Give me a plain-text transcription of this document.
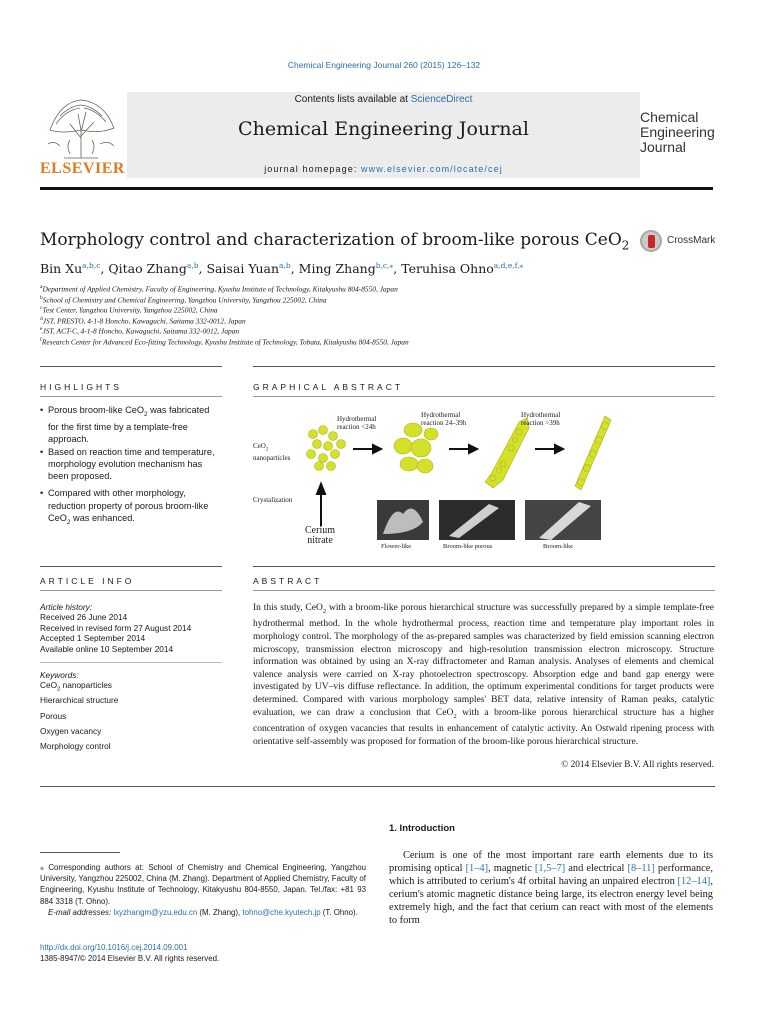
Chemical Engineering Journal 260 (2015) 126–132
ELSEVIER
Contents lists available at ScienceDirect
Chemical Engineering Journal
journal homepage: www.elsevier.com/locate/cej
Chemical
Engineering
Journal
Morphology control and characterization of broom-like porous CeO$_2$	CrossMark
Bin Xu$^{a,b,c}$, Qitao Zhang$^{a,b}$, Saisai Yuan$^{a,b}$, Ming Zhang$^{b,c,⁎}$, Teruhisa Ohno$^{a,d,e,f,⁎}$
$^a$Department of Applied Chemistry, Faculty of Engineering, Kyushu Institute of Technology, Kitakyushu 804-8550, Japan
$^b$School of Chemistry and Chemical Engineering, Yangzhou University, Yangzhou 225002, China
$^c$Test Center, Yangzhou University, Yangzhou 225002, China
$^d$JST, PRESTO, 4-1-8 Honcho, Kawaguchi, Saitama 332-0012, Japan
$^e$JST, ACT-C, 4-1-8 Honcho, Kawaguchi, Saitama 332-0012, Japan
$^f$Research Center for Advanced Eco-fitting Technology, Kyushu Institute of Technology, Tobata, Kitakyushu 804-8550, Japan
HIGHLIGHTS	GRAPHICAL ABSTRACT
• Porous broom-like CeO$_2$ was fabricated for the first time by a template-free approach.
• Based on reaction time and temperature, morphology evolution mechanism has been proposed.
• Compared with other morphology, reduction property of porous broom-like CeO$_2$ was enhanced.
CeO$_2$
nanoparticles
Hydrothermal
reaction <24h
Hydrothermal
reaction 24–39h
Hydrothermal
reaction >39h
Crystalization
Cerium
nitrate
Flower-like	Broom-like porous	Broom-like
ARTICLE INFO	ABSTRACT
Article history:
Received 26 June 2014
Received in revised form 27 August 2014
Accepted 1 September 2014
Available online 10 September 2014
Keywords:
CeO$_2$ nanoparticles
Hierarchical structure
Porous
Oxygen vacancy
Morphology control
In this study, CeO$_2$ with a broom-like porous hierarchical structure was successfully prepared by a simple template-free hydrothermal method. In the whole hydrothermal process, reaction time and temperature play important roles in morphology control. The morphology of the as-prepared samples was characterized by field emission scanning electron microscopy, transmission electron microscopy and high-resolution transmission electron microscopy. Structure information was obtained by using an X-ray diffractometer and Raman analysis. Analyses of elements and chemical valence analysis were carried on X-ray photoelectron spectroscopy. Absorption edge and band gap energy were investigated by UV–vis diffuse reflectance. In addition, the optimum experimental conditions for target products were determined. Compared with various morphology samples' BET data, relative intensity of Raman peaks, catalytic evaluation, we can draw a conclusion that CeO$_2$ with a broom-like porous hierarchical structure has a higher concentration of oxygen vacancies that results in enhancement of catalytic activity. An Ostwald ripening process with orientative self-assembly was proposed for formation of the broom-like porous hierarchical structure.
© 2014 Elsevier B.V. All rights reserved.
1. Introduction
Cerium is one of the most important rare earth elements due to its promising optical [1–4], magnetic [1,5–7] and electrical [8–11] performance, which is attributed to cerium's 4f orbital having an unpaired electron [12–14], cerium's atomic magnetic distance being large, its electron energy level being extremely high, and the fact that cerium can react with most of the elements to form
⁎ Corresponding authors at: School of Chemistry and Chemical Engineering, Yangzhou University, Yangzhou 225002, China (M. Zhang). Department of Applied Chemistry, Faculty of Engineering, Kyushu Institute of Technology, Kitakyushu 804-8550, Japan. Tel./fax: +81 93 884 3318 (T. Ohno).
E-mail addresses: lxyzhangm@yzu.edu.cn (M. Zhang), tohno@che.kyutech.jp (T. Ohno).
http://dx.doi.org/10.1016/j.cej.2014.09.001
1385-8947/© 2014 Elsevier B.V. All rights reserved.
